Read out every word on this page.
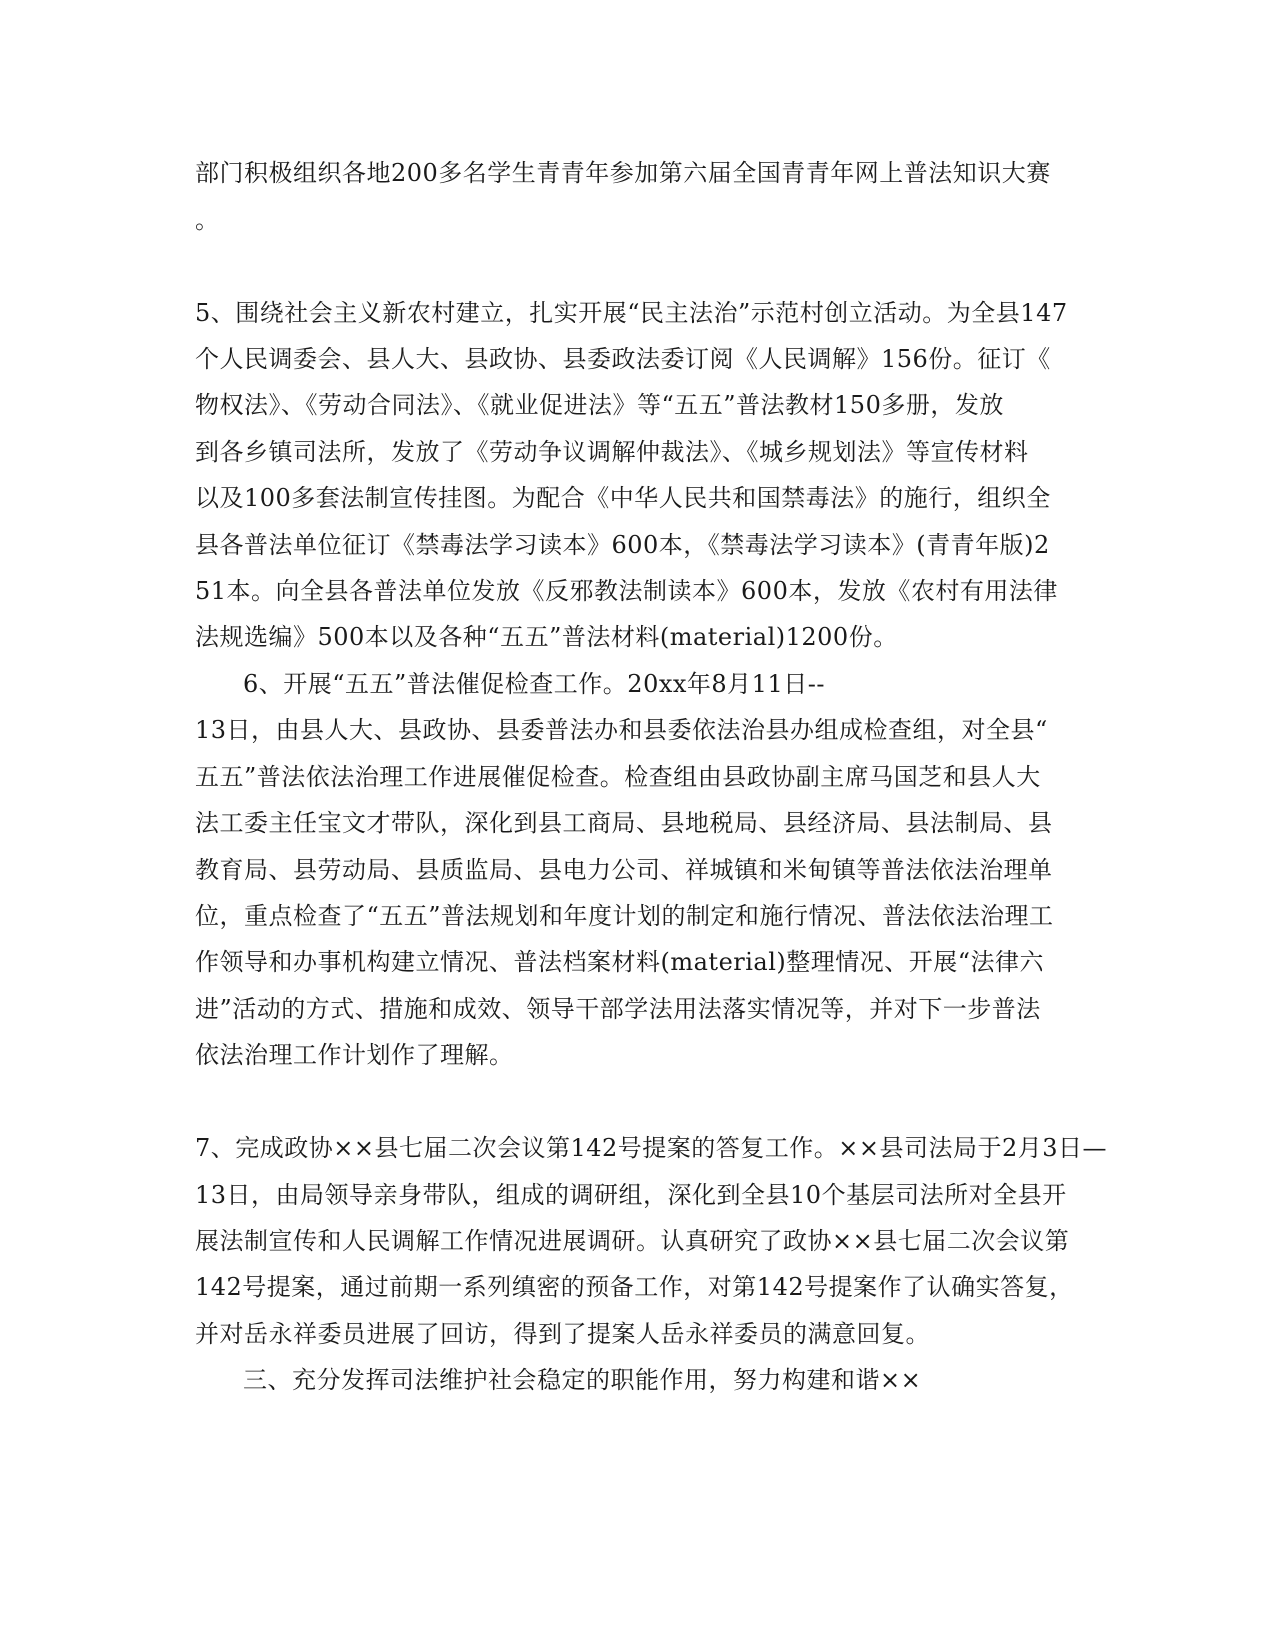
部门积极组织各地200多名学生青青年参加第六届全国青青年网上普法知识大赛
。
5、围绕社会主义新农村建立，扎实开展“民主法治”示范村创立活动。为全县147
个人民调委会、县人大、县政协、县委政法委订阅《人民调解》156份。征订《
物权法》、《劳动合同法》、《就业促进法》等“五五”普法教材150多册，发放
到各乡镇司法所，发放了《劳动争议调解仲裁法》、《城乡规划法》等宣传材料
以及100多套法制宣传挂图。为配合《中华人民共和国禁毒法》的施行，组织全
县各普法单位征订《禁毒法学习读本》600本，《禁毒法学习读本》(青青年版)2
51本。向全县各普法单位发放《反邪教法制读本》600本，发放《农村有用法律
法规选编》500本以及各种“五五”普法材料(material)1200份。
6、开展“五五”普法催促检查工作。20xx年8月11日--
13日，由县人大、县政协、县委普法办和县委依法治县办组成检查组，对全县“
五五”普法依法治理工作进展催促检查。检查组由县政协副主席马国芝和县人大
法工委主任宝文才带队，深化到县工商局、县地税局、县经济局、县法制局、县
教育局、县劳动局、县质监局、县电力公司、祥城镇和米甸镇等普法依法治理单
位，重点检查了“五五”普法规划和年度计划的制定和施行情况、普法依法治理工
作领导和办事机构建立情况、普法档案材料(material)整理情况、开展“法律六
进”活动的方式、措施和成效、领导干部学法用法落实情况等，并对下一步普法
依法治理工作计划作了理解。
7、完成政协××县七届二次会议第142号提案的答复工作。××县司法局于2月3日—
13日，由局领导亲身带队，组成的调研组，深化到全县10个基层司法所对全县开
展法制宣传和人民调解工作情况进展调研。认真研究了政协××县七届二次会议第
142号提案，通过前期一系列缜密的预备工作，对第142号提案作了认确实答复，
并对岳永祥委员进展了回访，得到了提案人岳永祥委员的满意回复。
三、充分发挥司法维护社会稳定的职能作用，努力构建和谐××
